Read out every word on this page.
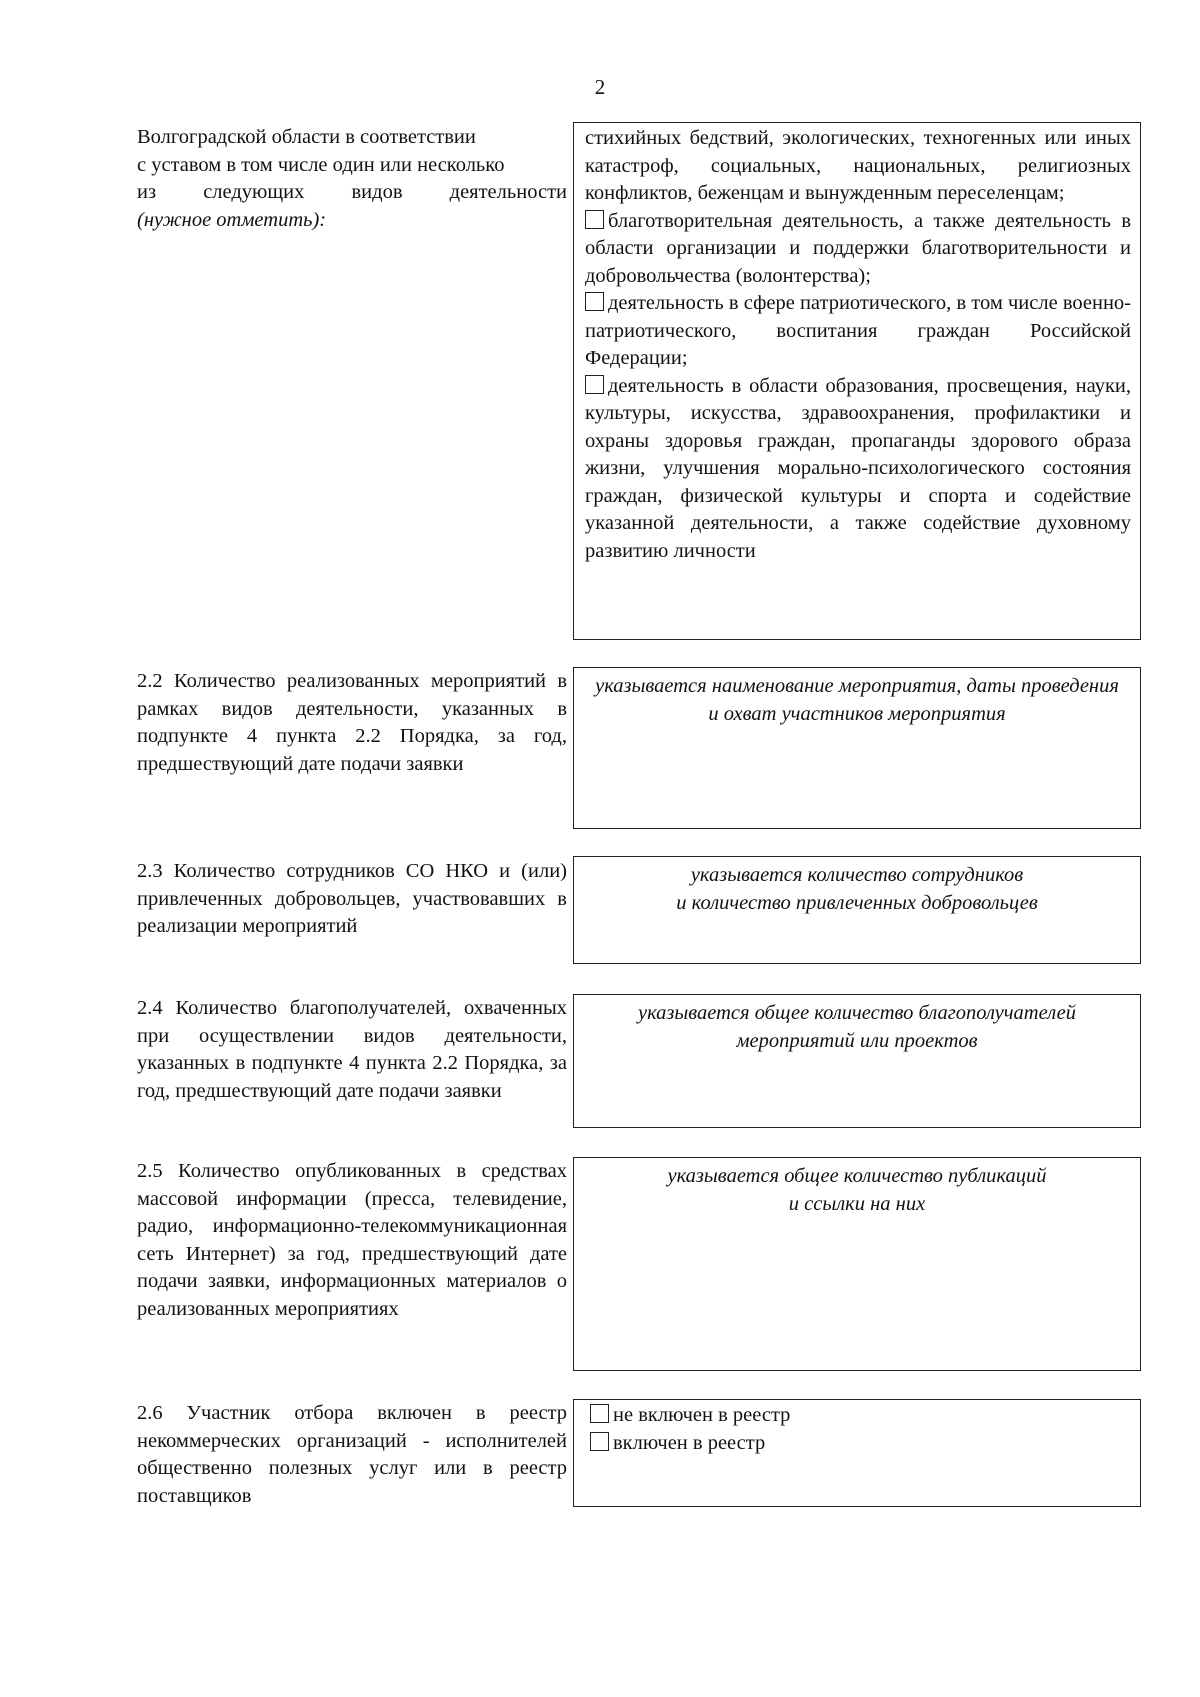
2

Волгоградской области в соответствии

с уставом в том числе один или несколько

из следующих видов деятельности

(нужное отметить):

стихийных бедствий, экологических, техногенных или иных катастроф, социальных, национальных, религиозных конфликтов, беженцам и вынужденным переселенцам;
благотворительная деятельность, а также деятельность в области организации и поддержки благотворительности и добровольчества (волонтерства);
деятельность в сфере патриотического, в том числе военно-патриотического, воспитания граждан Российской Федерации;
деятельность в области образования, просвещения, науки, культуры, искусства, здравоохранения, профилактики и охраны здоровья граждан, пропаганды здорового образа жизни, улучшения морально-психологического состояния граждан, физической культуры и спорта и содействие указанной деятельности, а также содействие духовному развитию личности
2.2 Количество реализованных мероприятий в рамках видов деятельности, указанных в подпункте 4 пункта 2.2 Порядка, за год, предшествующий дате подачи заявки
указывается наименование мероприятия, даты проведения и охват участников мероприятия
2.3 Количество сотрудников СО НКО и (или) привлеченных добровольцев, участвовавших в реализации мероприятий
указывается количество сотрудников
и количество привлеченных добровольцев
2.4 Количество благополучателей, охваченных при осуществлении видов деятельности, указанных в подпункте 4 пункта 2.2 Порядка, за год, предшествующий дате подачи заявки
указывается общее количество благополучателей
мероприятий или проектов
2.5 Количество опубликованных в средствах массовой информации (пресса, телевидение, радио, информационно-телекоммуникационная сеть Интернет) за год, предшествующий дате подачи заявки, информационных материалов о реализованных мероприятиях
указывается общее количество публикаций
и ссылки на них
2.6 Участник отбора включен в реестр некоммерческих организаций - исполнителей общественно полезных услуг или в реестр поставщиков
не включен в реестр
включен в реестр
